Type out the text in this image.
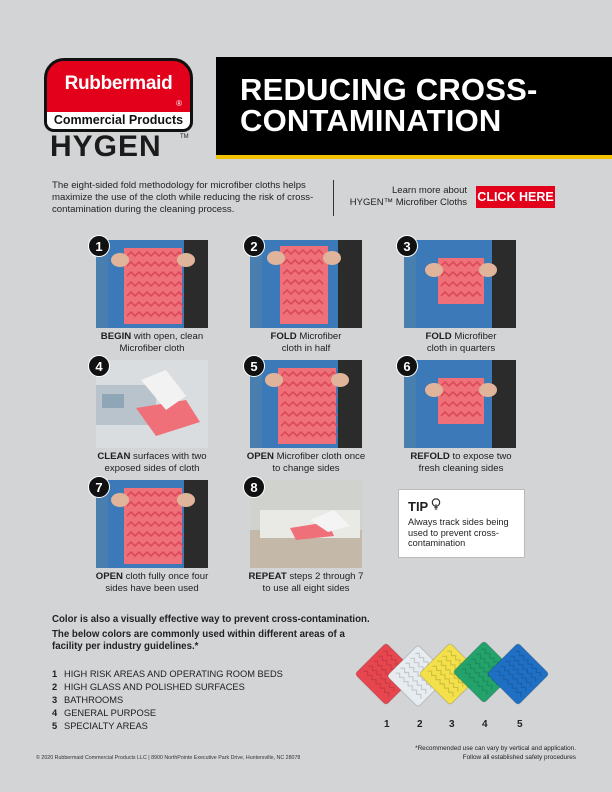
Rubbermaid
®
Commercial Products
HYGEN	TM
REDUCING CROSS-
CONTAMINATION
The eight-sided fold methodology for microfiber cloths helps maximize the use of the cloth while reducing the risk of cross-contamination during the cleaning process.
Learn more about
HYGEN™ Microfiber Cloths CLICK HERE
1
BEGIN with open, clean
Microfiber cloth
2
FOLD Microfiber
cloth in half
3
FOLD Microfiber
cloth in quarters
4
CLEAN surfaces with two
exposed sides of cloth
5
OPEN Microfiber cloth once
to change sides
6
REFOLD to expose two
fresh cleaning sides
7
OPEN cloth fully once four
sides have been used
8
REPEAT steps 2 through 7
to use all eight sides
TIP
Always track sides being used to prevent cross-contamination
Color is also a visually effective way to prevent cross-contamination.
The below colors are commonly used within different areas of a facility per industry guidelines.*
1 HIGH RISK AREAS AND OPERATING ROOM BEDS
2 HIGH GLASS AND POLISHED SURFACES
3 BATHROOMS
4 GENERAL PURPOSE
5 SPECIALTY AREAS	1	2	3	4	5
*Recommended use can vary by vertical and application.
Follow all established safety procedures
© 2020 Rubbermaid Commercial Products LLC | 8900 NorthPointe Executive Park Drive, Huntersville, NC 28078
